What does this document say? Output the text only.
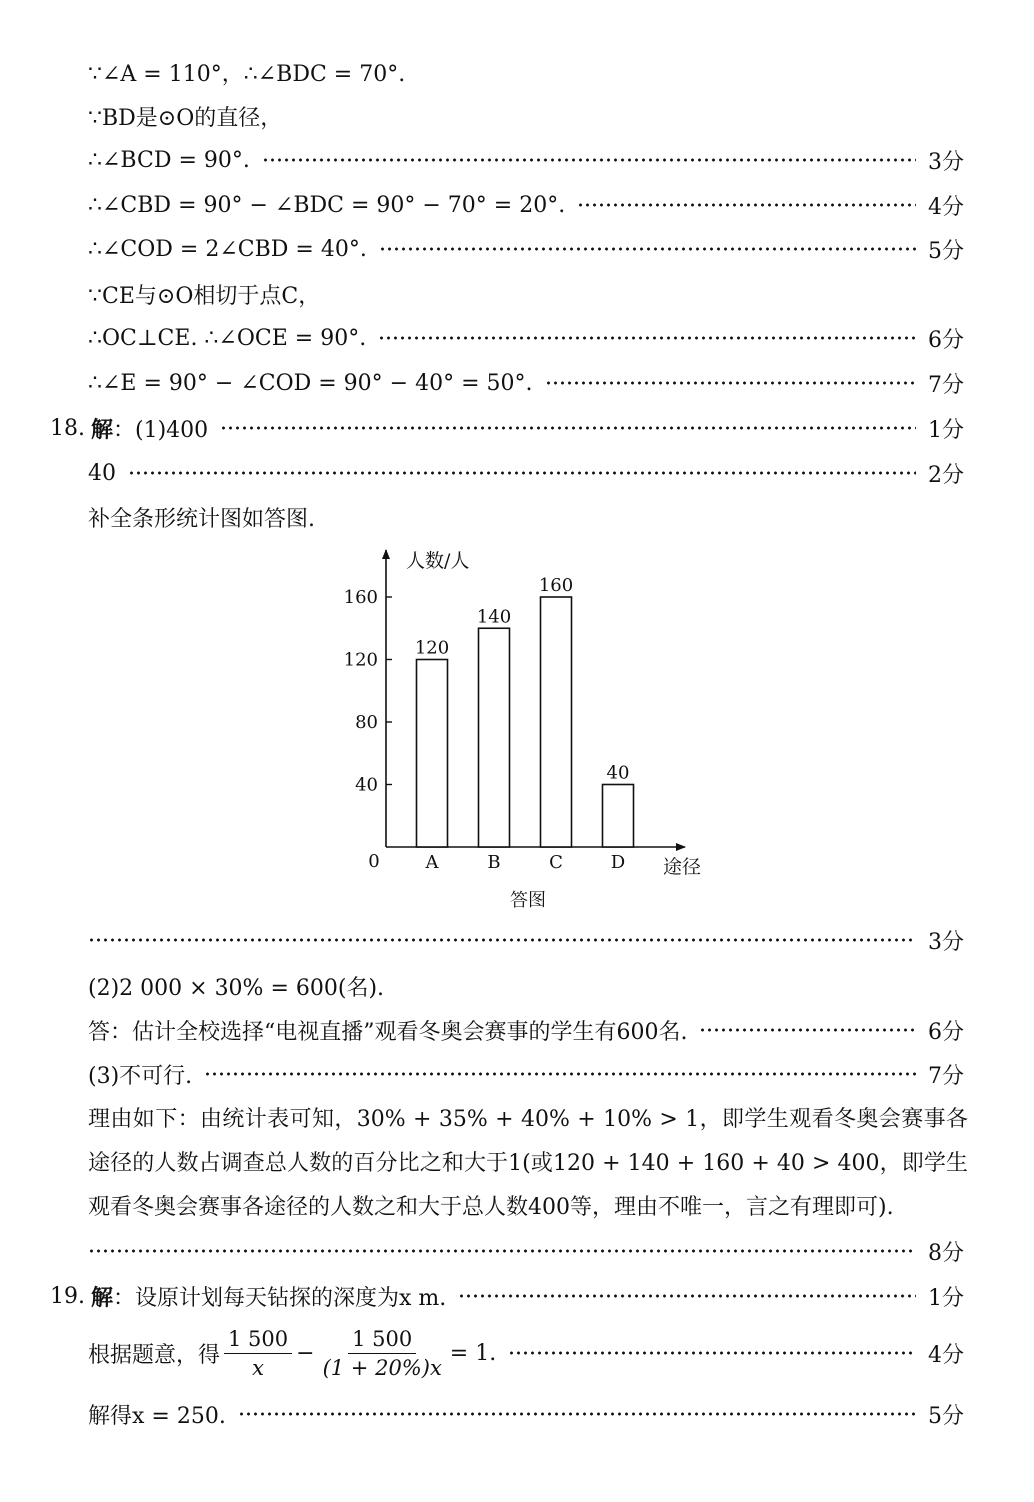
∵∠A = 110°，∴∠BDC = 70°.
∵BD是⊙O的直径，
∴∠BCD = 90°.	3分
∴∠CBD = 90° − ∠BDC = 90° − 70° = 20°.	4分
∴∠COD = 2∠CBD = 40°.	5分
∵CE与⊙O相切于点C，
∴OC⊥CE. ∴∠OCE = 90°.	6分
∴∠E = 90° − ∠COD = 90° − 40° = 50°.	7分
18. 解 ：(1)400	1分
40	2分
补全条形统计图如答图.
40
80
120
160
120
A
140
B
160
C
40
D
人数/人
途径
0
答图
3分
(2)2 000 × 30% = 600(名).
答：估计全校选择“电视直播”观看冬奥会赛事的学生有600名.	6分
(3)不可行.	7分
理由如下：由统计表可知，30% + 35% + 40% + 10% > 1，即学生观看冬奥会赛事各途径的人数占调查总人数的百分比之和大于1(或120 + 140 + 160 + 40 > 400，即学生观看冬奥会赛事各途径的人数之和大于总人数400等，理由不唯一，言之有理即可).
8分
19. 解 ：设原计划每天钻探的深度为x m.	1分
根据题意，得 $\frac{1 500}{x} - \frac{1 500}{(1 + 20\%)x} = 1$.	4分
解得x = 250.	5分
